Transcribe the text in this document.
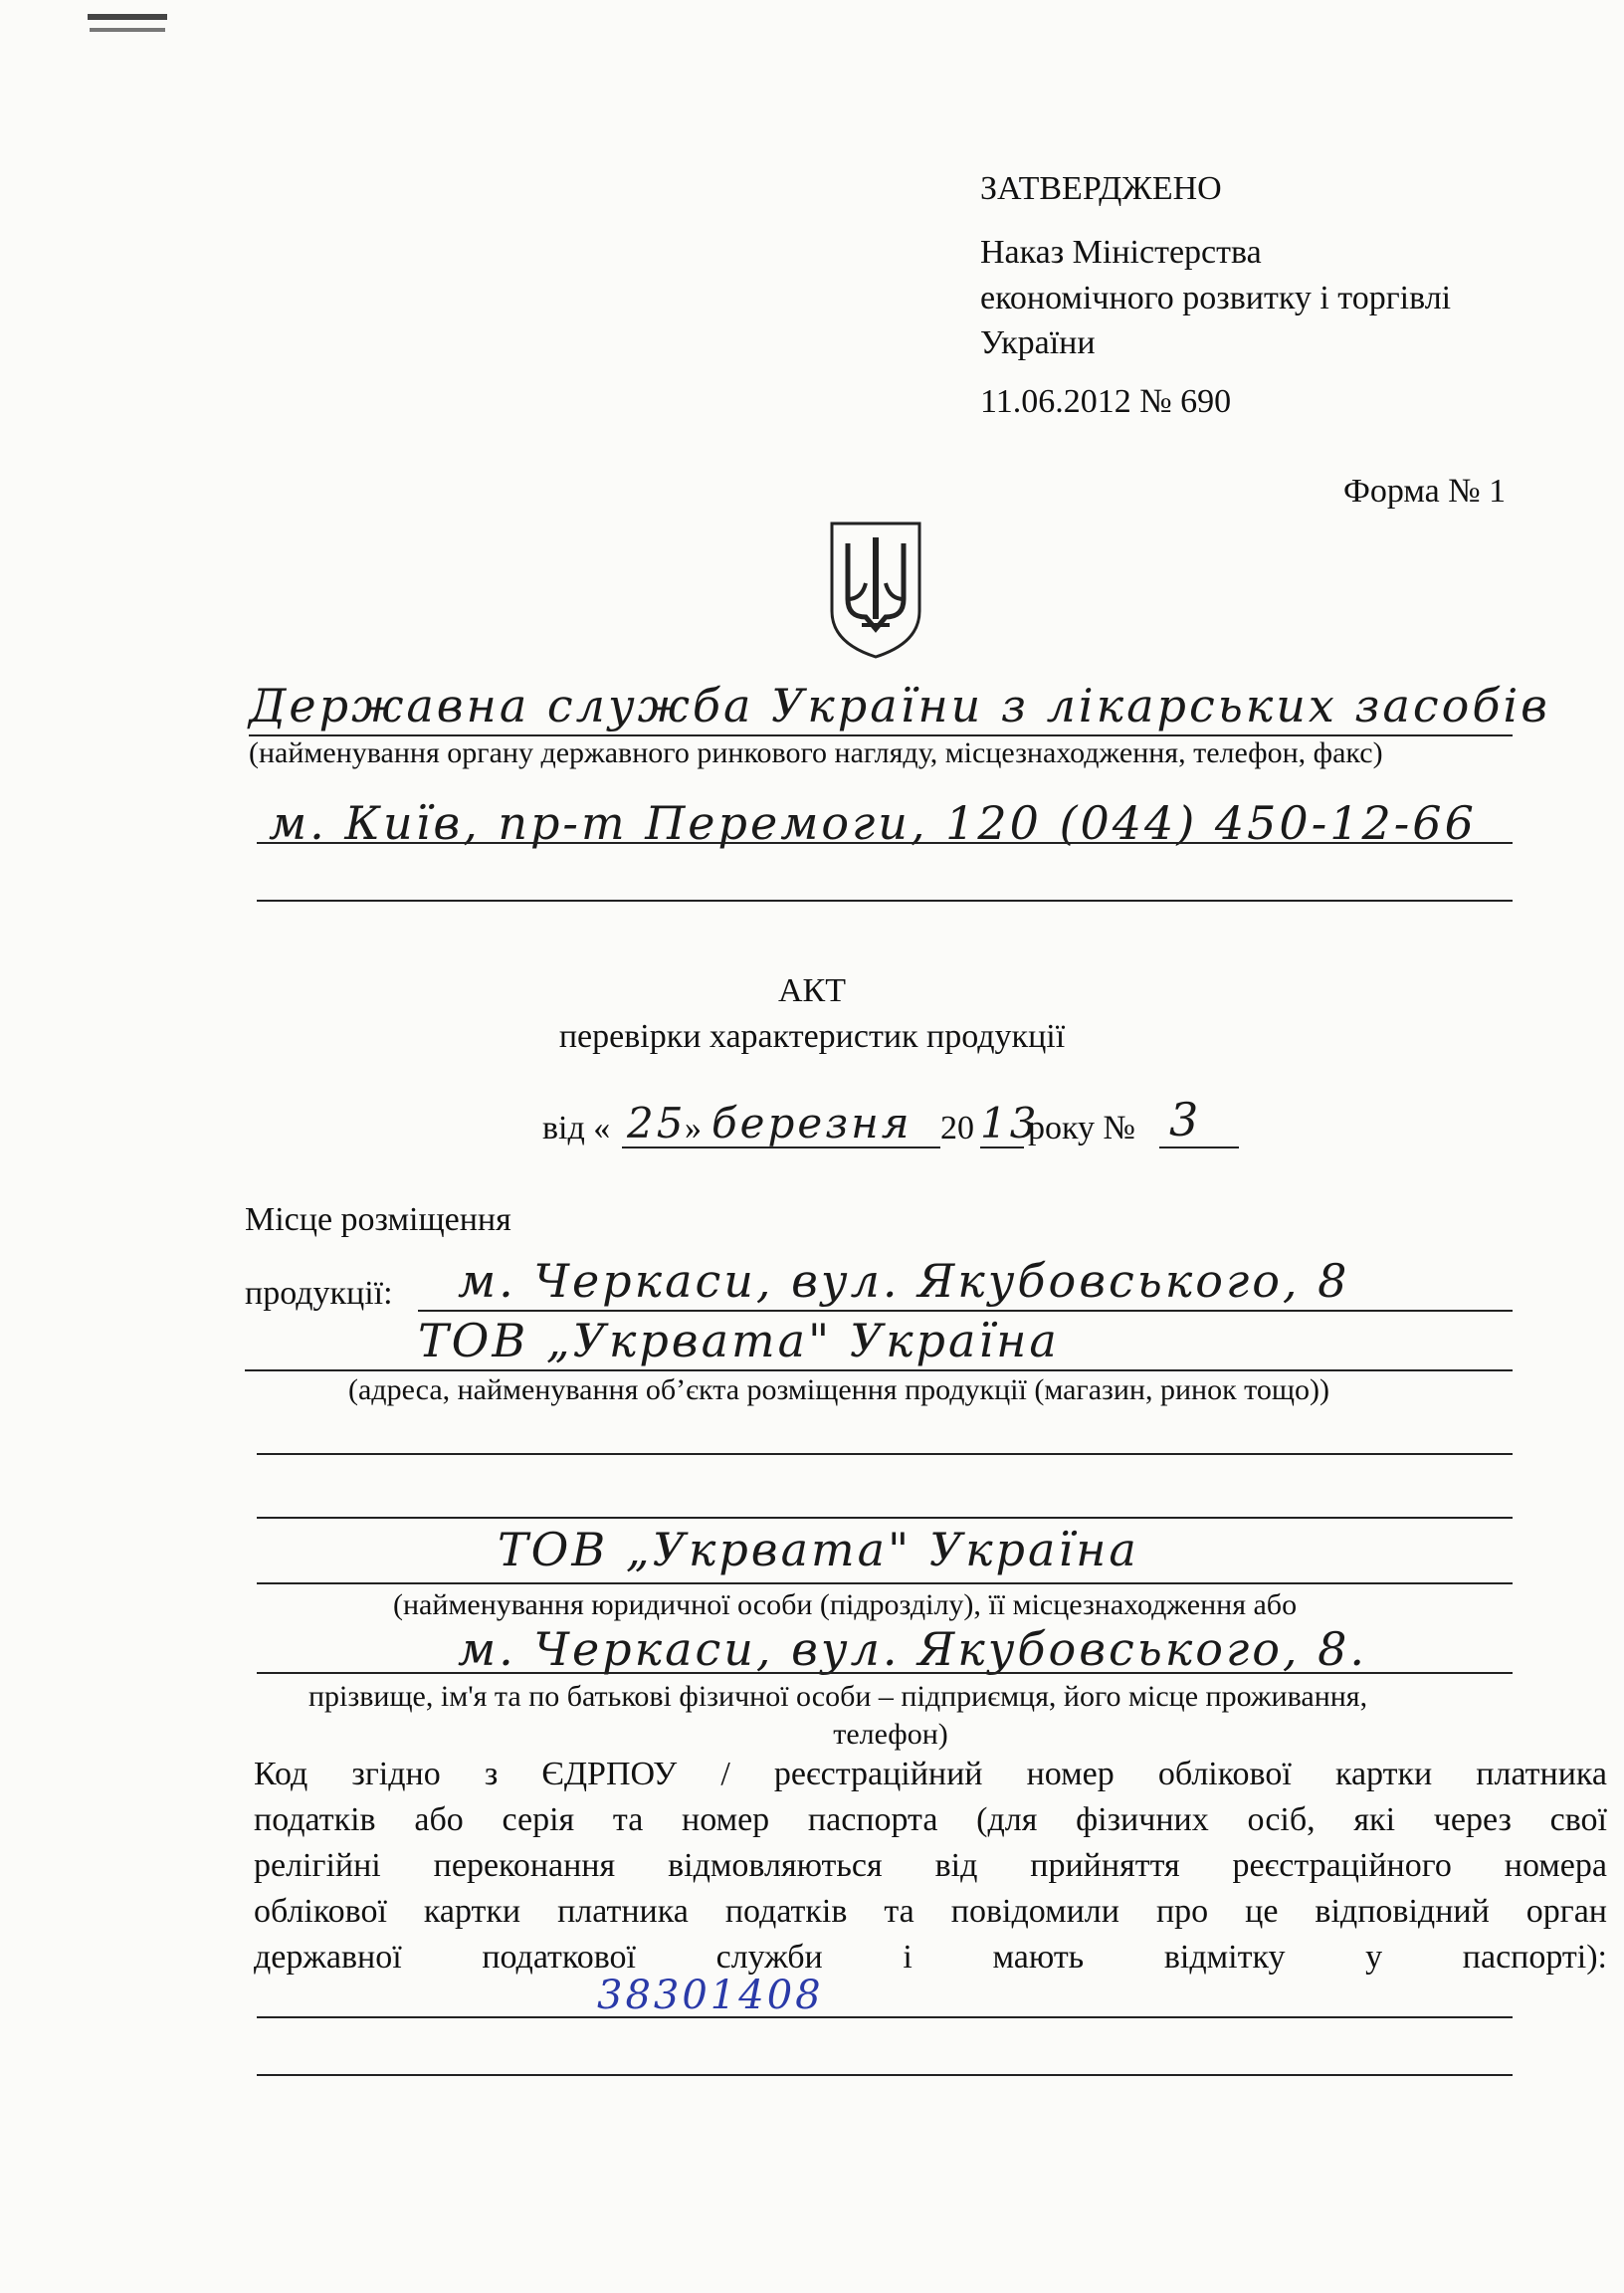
ЗАТВЕРДЖЕНО
Наказ Міністерства
економічного розвитку і торгівлі
України
11.06.2012 № 690
Форма № 1
Державна служба України з лікарських засобів
(найменування органу державного ринкового нагляду, місцезнаходження, телефон, факс)
м. Київ, пр-т Перемоги, 120 (044) 450-12-66
АКТ
перевірки характеристик продукції
від « 25
» березня 20 13
року № 3
Місце розміщення
продукції: м. Черкаси, вул. Якубовського, 8
ТОВ „Укрвата" Україна
(адреса, найменування об’єкта розміщення продукції (магазин, ринок тощо))
ТОВ „Укрвата" Україна
(найменування юридичної особи (підрозділу), її місцезнаходження або
м. Черкаси, вул. Якубовського, 8.
прізвище, ім'я та по батькові фізичної особи – підприємця, його місце проживання,
телефон)
Код згідно з ЄДРПОУ / реєстраційний номер облікової картки платника
податків або серія та номер паспорта (для фізичних осіб, які через свої
релігійні переконання відмовляються від прийняття реєстраційного номера
облікової картки платника податків та повідомили про це відповідний орган
державної податкової служби і мають відмітку у паспорті):
38301408
